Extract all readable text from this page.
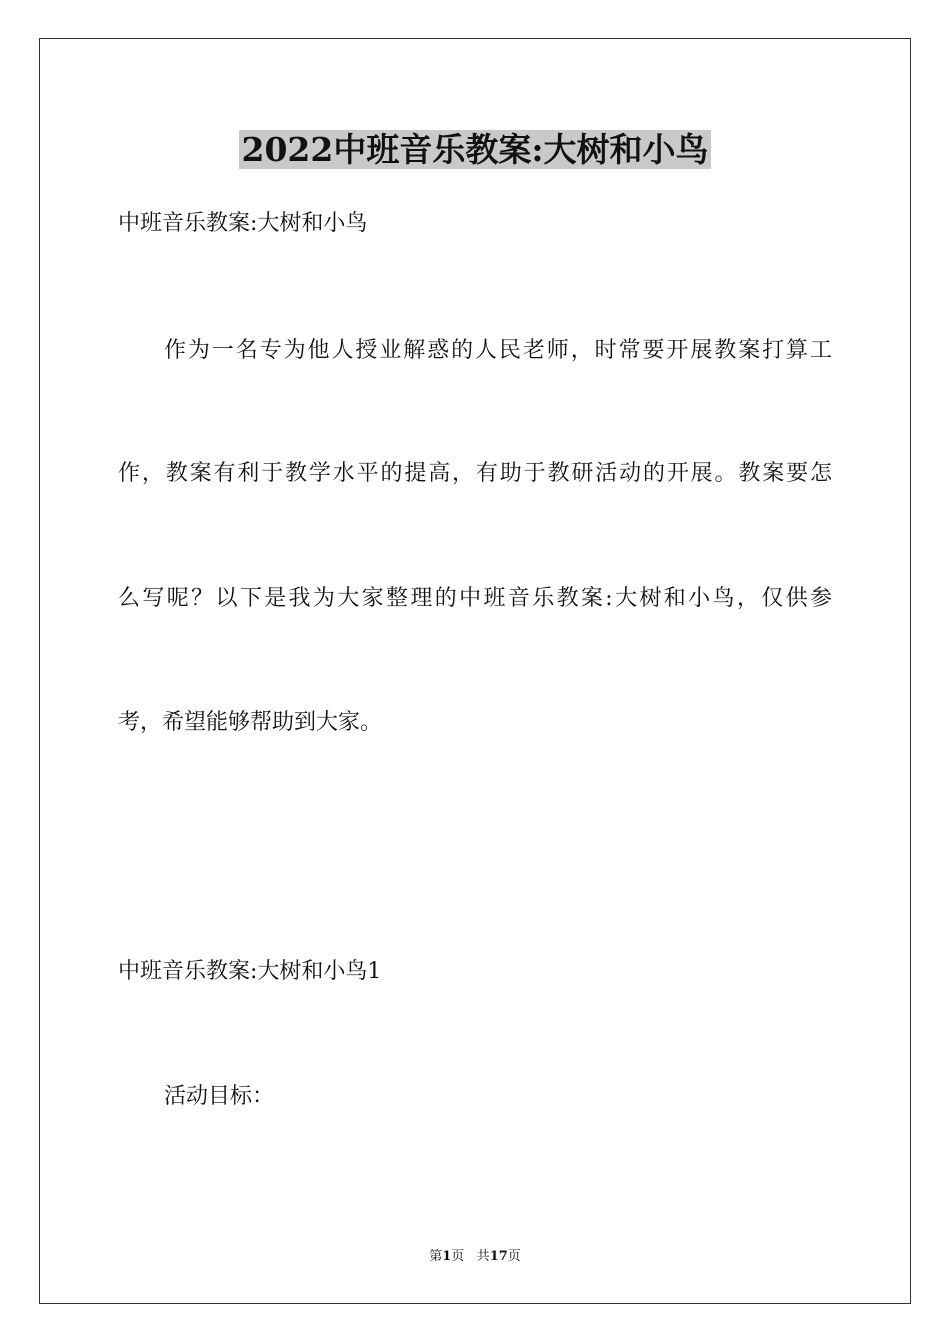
2022中班音乐教案:大树和小鸟
中班音乐教案:大树和小鸟
作为一名专为他人授业解惑的人民老师，时常要开展教案打算工
作，教案有利于教学水平的提高，有助于教研活动的开展。教案要怎
么写呢？以下是我为大家整理的中班音乐教案:大树和小鸟，仅供参
考，希望能够帮助到大家。
中班音乐教案:大树和小鸟1
活动目标：
第1页 共17页
